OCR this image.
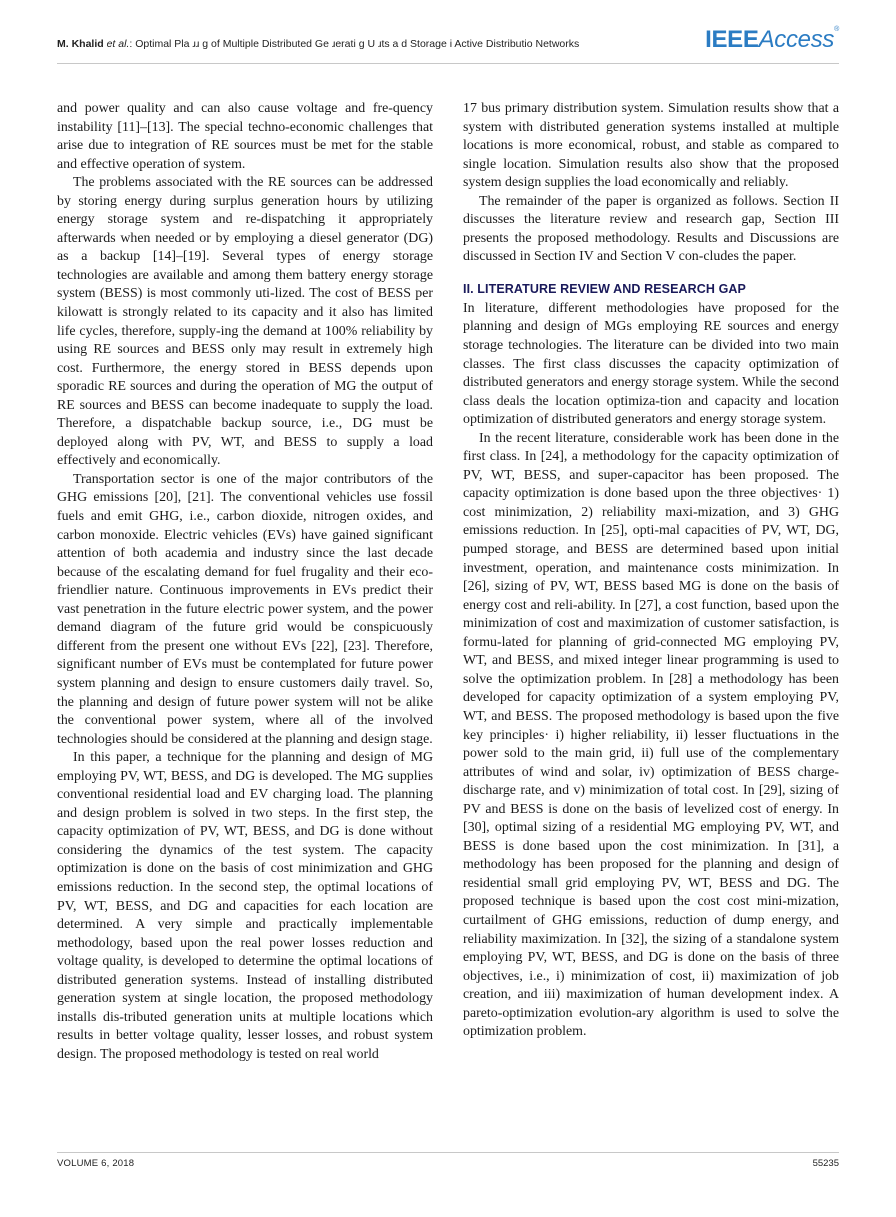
M. Khalid et al.: Optimal Pla ɹɹ g of Multiple Distributed Ge ɹerati g U ɹts a d Storage i Active Distributio Networks	IEEEAccess®

and power quality and can also cause voltage and fre-quency instability [11]–[13]. The special techno-economic challenges that arise due to integration of RE sources must be met for the stable and effective operation of system.

The problems associated with the RE sources can be addressed by storing energy during surplus generation hours by utilizing energy storage system and re-dispatching it appropriately afterwards when needed or by employing a diesel generator (DG) as a backup [14]–[19]. Several types of energy storage technologies are available and among them battery energy storage system (BESS) is most commonly uti-lized. The cost of BESS per kilowatt is strongly related to its capacity and it also has limited life cycles, therefore, supply-ing the demand at 100% reliability by using RE sources and BESS only may result in extremely high cost. Furthermore, the energy stored in BESS depends upon sporadic RE sources and during the operation of MG the output of RE sources and BESS can become inadequate to supply the load. Therefore, a dispatchable backup source, i.e., DG must be deployed along with PV, WT, and BESS to supply a load effectively and economically.

Transportation sector is one of the major contributors of the GHG emissions [20], [21]. The conventional vehicles use fossil fuels and emit GHG, i.e., carbon dioxide, nitrogen oxides, and carbon monoxide. Electric vehicles (EVs) have gained significant attention of both academia and industry since the last decade because of the escalating demand for fuel frugality and their eco-friendlier nature. Continuous improvements in EVs predict their vast penetration in the future electric power system, and the power demand diagram of the future grid would be conspicuously different from the present one without EVs [22], [23]. Therefore, significant number of EVs must be contemplated for future power system planning and design to ensure customers daily travel. So, the planning and design of future power system will not be alike the conventional power system, where all of the involved technologies should be considered at the planning and design stage.

In this paper, a technique for the planning and design of MG employing PV, WT, BESS, and DG is developed. The MG supplies conventional residential load and EV charging load. The planning and design problem is solved in two steps. In the first step, the capacity optimization of PV, WT, BESS, and DG is done without considering the dynamics of the test system. The capacity optimization is done on the basis of cost minimization and GHG emissions reduction. In the second step, the optimal locations of PV, WT, BESS, and DG and capacities for each location are determined. A very simple and practically implementable methodology, based upon the real power losses reduction and voltage quality, is developed to determine the optimal locations of distributed generation systems. Instead of installing distributed generation system at single location, the proposed methodology installs dis-tributed generation units at multiple locations which results in better voltage quality, lesser losses, and robust system design. The proposed methodology is tested on real world

17 bus primary distribution system. Simulation results show that a system with distributed generation systems installed at multiple locations is more economical, robust, and stable as compared to single location. Simulation results also show that the proposed system design supplies the load economically and reliably.

The remainder of the paper is organized as follows. Section II discusses the literature review and research gap, Section III presents the proposed methodology. Results and Discussions are discussed in Section IV and Section V con-cludes the paper.

II. LITERATURE REVIEW AND RESEARCH GAP

In literature, different methodologies have proposed for the planning and design of MGs employing RE sources and energy storage technologies. The literature can be divided into two main classes. The first class discusses the capacity optimization of distributed generators and energy storage system. While the second class deals the location optimiza-tion and capacity and location optimization of distributed generators and energy storage system.

In the recent literature, considerable work has been done in the first class. In [24], a methodology for the capacity optimization of PV, WT, BESS, and super-capacitor has been proposed. The capacity optimization is done based upon the three objectives· 1) cost minimization, 2) reliability maxi-mization, and 3) GHG emissions reduction. In [25], opti-mal capacities of PV, WT, DG, pumped storage, and BESS are determined based upon initial investment, operation, and maintenance costs minimization. In [26], sizing of PV, WT, BESS based MG is done on the basis of energy cost and reli-ability. In [27], a cost function, based upon the minimization of cost and maximization of customer satisfaction, is formu-lated for planning of grid-connected MG employing PV, WT, and BESS, and mixed integer linear programming is used to solve the optimization problem. In [28] a methodology has been developed for capacity optimization of a system employing PV, WT, and BESS. The proposed methodology is based upon the five key principles· i) higher reliability, ii) lesser fluctuations in the power sold to the main grid, ii) full use of the complementary attributes of wind and solar, iv) optimization of BESS charge-discharge rate, and v) minimization of total cost. In [29], sizing of PV and BESS is done on the basis of levelized cost of energy. In [30], optimal sizing of a residential MG employing PV, WT, and BESS is done based upon the cost minimization. In [31], a methodology has been proposed for the planning and design of residential small grid employing PV, WT, BESS and DG. The proposed technique is based upon the cost cost mini-mization, curtailment of GHG emissions, reduction of dump energy, and reliability maximization. In [32], the sizing of a standalone system employing PV, WT, BESS, and DG is done on the basis of three objectives, i.e., i) minimization of cost, ii) maximization of job creation, and iii) maximization of human development index. A pareto-optimization evolution-ary algorithm is used to solve the optimization problem.

VOLUME 6, 2018	55235
